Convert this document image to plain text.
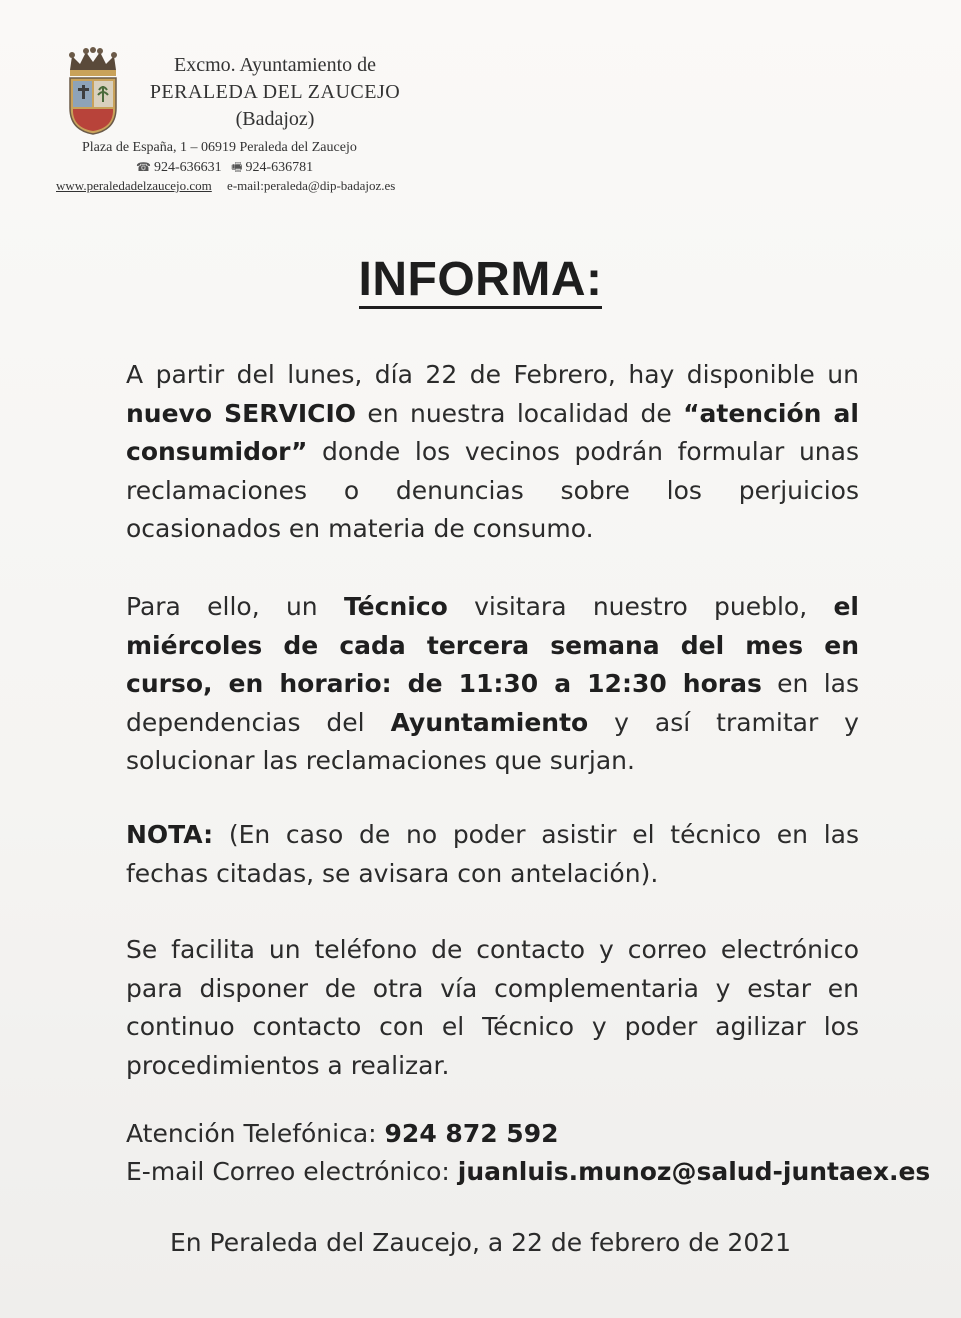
Excmo. Ayuntamiento de
PERALEDA DEL ZAUCEJO
(Badajoz)
Plaza de España, 1 – 06919 Peraleda del Zaucejo
☎ 924-636631 🖷 924-636781
www.peraledadelzaucejo.com e-mail:peraleda@dip-badajoz.es
INFORMA:
A partir del lunes, día 22 de Febrero, hay disponible un nuevo SERVICIO en nuestra localidad de “atención al consumidor” donde los vecinos podrán formular unas reclamaciones o denuncias sobre los perjuicios ocasionados en materia de consumo.
Para ello, un Técnico visitara nuestro pueblo, el miércoles de cada tercera semana del mes en curso, en horario: de 11:30 a 12:30 horas en las dependencias del Ayuntamiento y así tramitar y solucionar las reclamaciones que surjan.
NOTA: (En caso de no poder asistir el técnico en las fechas citadas, se avisara con antelación).
Se facilita un teléfono de contacto y correo electrónico para disponer de otra vía complementaria y estar en continuo contacto con el Técnico y poder agilizar los procedimientos a realizar.
Atención Telefónica: 924 872 592
E-mail Correo electrónico: juanluis.munoz@salud-juntaex.es
En Peraleda del Zaucejo, a 22 de febrero de 2021
